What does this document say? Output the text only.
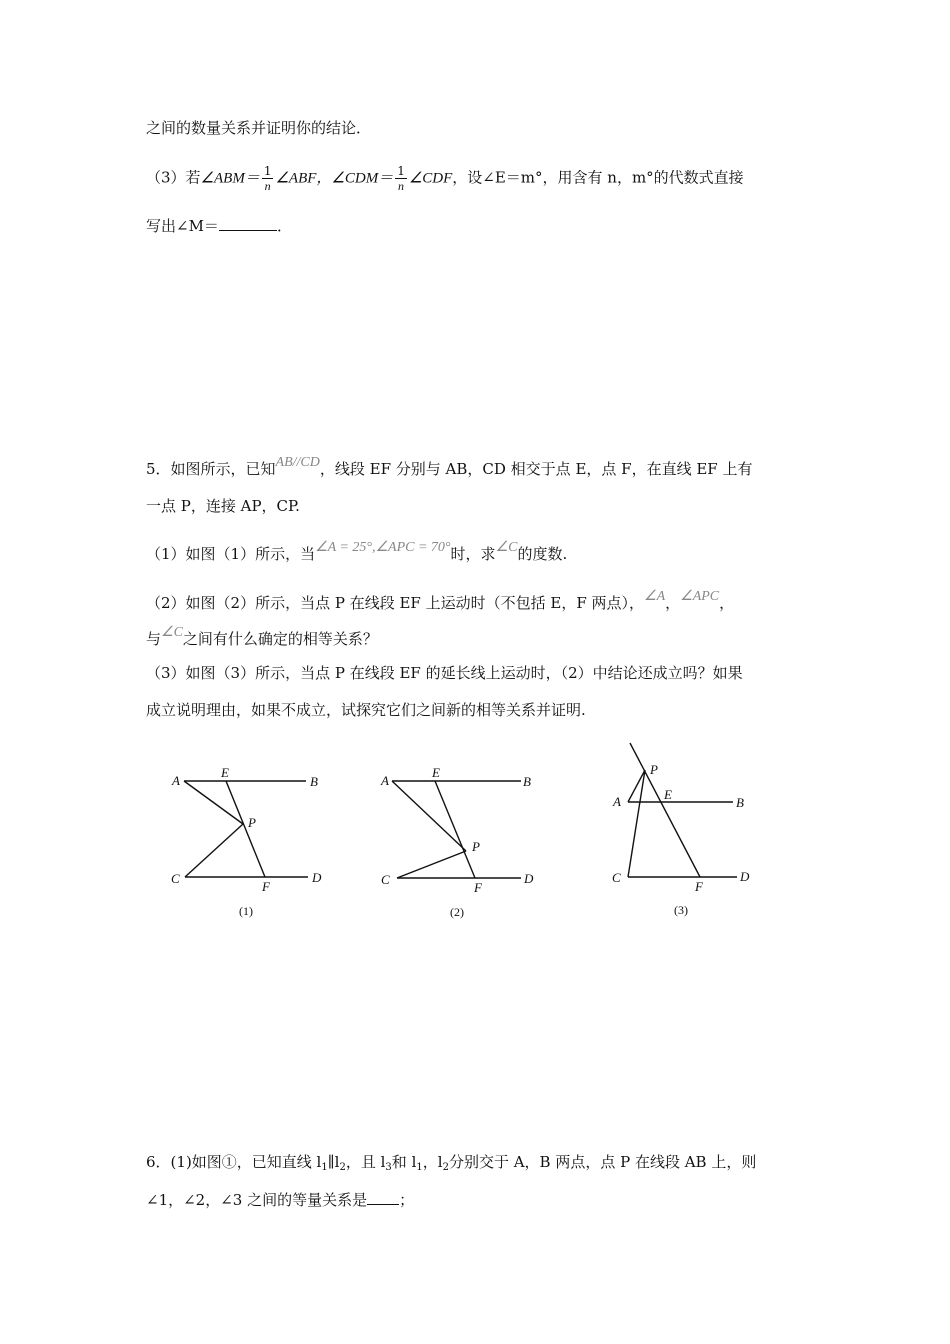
之间的数量关系并证明你的结论．
（3）若∠ABM＝ $\frac{1}{n}$ ∠ABF，∠CDM＝ $\frac{1}{n}$ ∠CDF，设∠E＝m°，用含有 n，m°的代数式直接
写出∠M＝	．
5．如图所示，已知AB//CD，线段 EF 分别与 AB，CD 相交于点 E，点 F，在直线 EF 上有
一点 P，连接 AP，CP.
（1）如图（1）所示，当∠A = 25°,∠APC = 70°时，求∠C的度数.
（2）如图（2）所示，当点 P 在线段 EF 上运动时（不包括 E，F 两点），∠A，∠APC，
与∠C之间有什么确定的相等关系？
（3）如图（3）所示，当点 P 在线段 EF 的延长线上运动时，（2）中结论还成立吗？如果
成立说明理由，如果不成立，试探究它们之间新的相等关系并证明.
A
E
B
P
C
F
D
(1)
A
E
B
P
C
F
D
(2)
P
A	E
B
C
F
D
(3)
6．(1)如图①，已知直线 $l_1\parallel l_2$，且 $l_3$和 $l_1$，$l_2$分别交于 A，B 两点，点 P 在线段 AB 上，则
∠1，∠2，∠3 之间的等量关系是 ；
